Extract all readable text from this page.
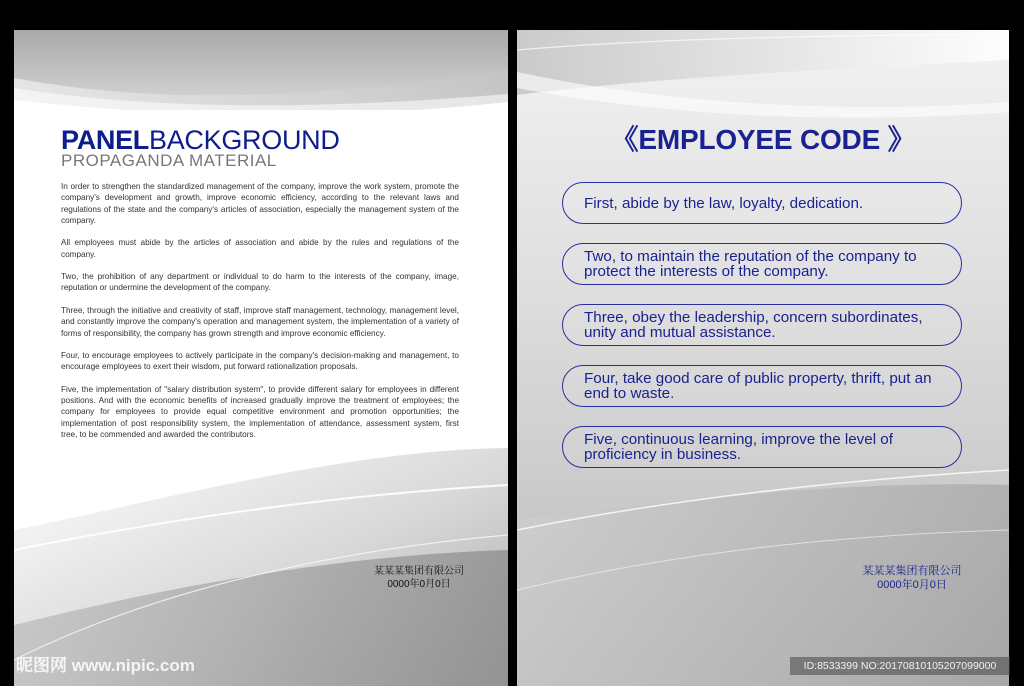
PANELBACKGROUND

PROPAGANDA MATERIAL

In order to strengthen the standardized management of the company, improve the work system, promote the company's development and growth, improve economic efficiency, according to the relevant laws and regulations of the state and the company's articles of association, especially the management system of the company.

All employees must abide by the articles of association and abide by the rules and regulations of the company.

Two, the prohibition of any department or individual to do harm to the interests of the company, image, reputation or undermine the development of the company.

Three, through the initiative and creativity of staff, improve staff management, technology, management level, and constantly improve the company's operation and management system, the implementation of a variety of forms of responsibility, the company has grown strength and improve economic efficiency.

Four, to encourage employees to actively participate in the company's decision-making and management, to encourage employees to exert their wisdom, put forward rationalization proposals.

Five, the implementation of "salary distribution system", to provide different salary for employees in different positions. And with the economic benefits of increased gradually improve the treatment of employees; the company for employees to provide equal competitive environment and promotion opportunities; the implementation of post responsibility system, the implementation of attendance, assessment system, first tree, to be commended and awarded the contributors.

某某某集团有限公司
0000年0月0日
《EMPLOYEE CODE 》
First, abide by the law, loyalty, dedication.
Two, to maintain the reputation of the company to protect the interests of the company.
Three, obey the leadership, concern subordinates, unity and mutual assistance.
Four, take good care of public property, thrift, put an end to waste.
Five, continuous learning, improve the level of proficiency in business.
某某某集团有限公司
0000年0月0日
昵图网 www.nipic.com	ID:8533399 NO:20170810105207099000
